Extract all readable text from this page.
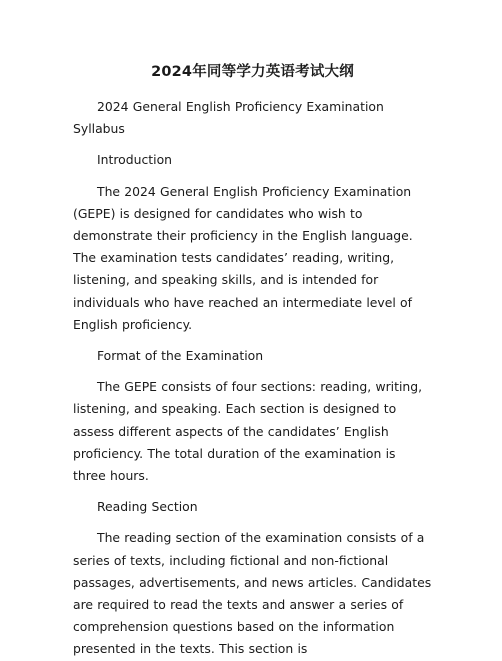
2024年同等学力英语考试大纲

2024 General English Proficiency Examination Syllabus

Introduction

The 2024 General English Proficiency Examination (GEPE) is designed for candidates who wish to demonstrate their proficiency in the English language. The examination tests candidates’ reading, writing, listening, and speaking skills, and is intended for individuals who have reached an intermediate level of English proficiency.

Format of the Examination

The GEPE consists of four sections: reading, writing, listening, and speaking. Each section is designed to assess different aspects of the candidates’ English proficiency. The total duration of the examination is three hours.

Reading Section

The reading section of the examination consists of a series of texts, including fictional and non-fictional passages, advertisements, and news articles. Candidates are required to read the texts and answer a series of comprehension questions based on the information presented in the texts. This section is
